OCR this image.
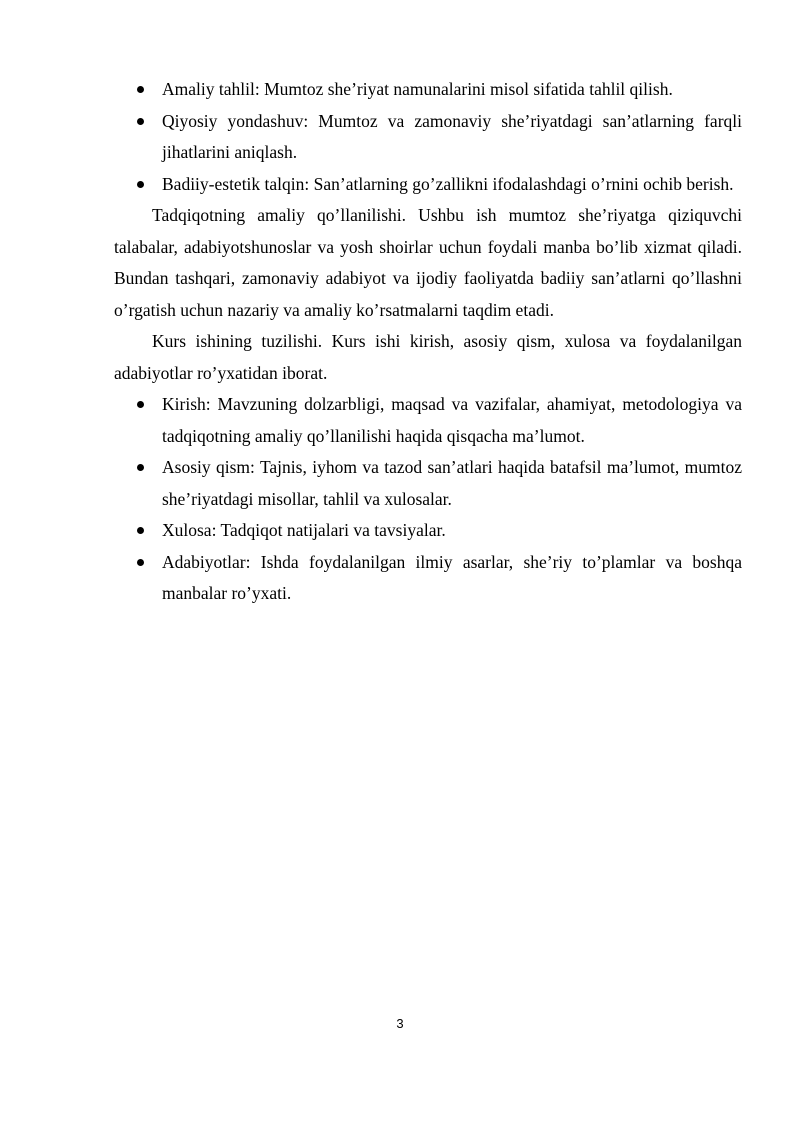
Amaliy tahlil: Mumtoz she’riyat namunalarini misol sifatida tahlil qilish.
Qiyosiy yondashuv: Mumtoz va zamonaviy she’riyatdagi san’atlarning farqli jihatlarini aniqlash.
Badiiy-estetik talqin: San’atlarning go’zallikni ifodalashdagi o’rnini ochib berish.

Tadqiqotning amaliy qo’llanilishi. Ushbu ish mumtoz she’riyatga qiziquvchi talabalar, adabiyotshunoslar va yosh shoirlar uchun foydali manba bo’lib xizmat qiladi. Bundan tashqari, zamonaviy adabiyot va ijodiy faoliyatda badiiy san’atlarni qo’llashni o’rgatish uchun nazariy va amaliy ko’rsatmalarni taqdim etadi.

Kurs ishining tuzilishi. Kurs ishi kirish, asosiy qism, xulosa va foydalanilgan adabiyotlar ro’yxatidan iborat.

Kirish: Mavzuning dolzarbligi, maqsad va vazifalar, ahamiyat, metodologiya va tadqiqotning amaliy qo’llanilishi haqida qisqacha ma’lumot.
Asosiy qism: Tajnis, iyhom va tazod san’atlari haqida batafsil ma’lumot, mumtoz she’riyatdagi misollar, tahlil va xulosalar.
Xulosa: Tadqiqot natijalari va tavsiyalar.
Adabiyotlar: Ishda foydalanilgan ilmiy asarlar, she’riy to’plamlar va boshqa manbalar ro’yxati.
3
